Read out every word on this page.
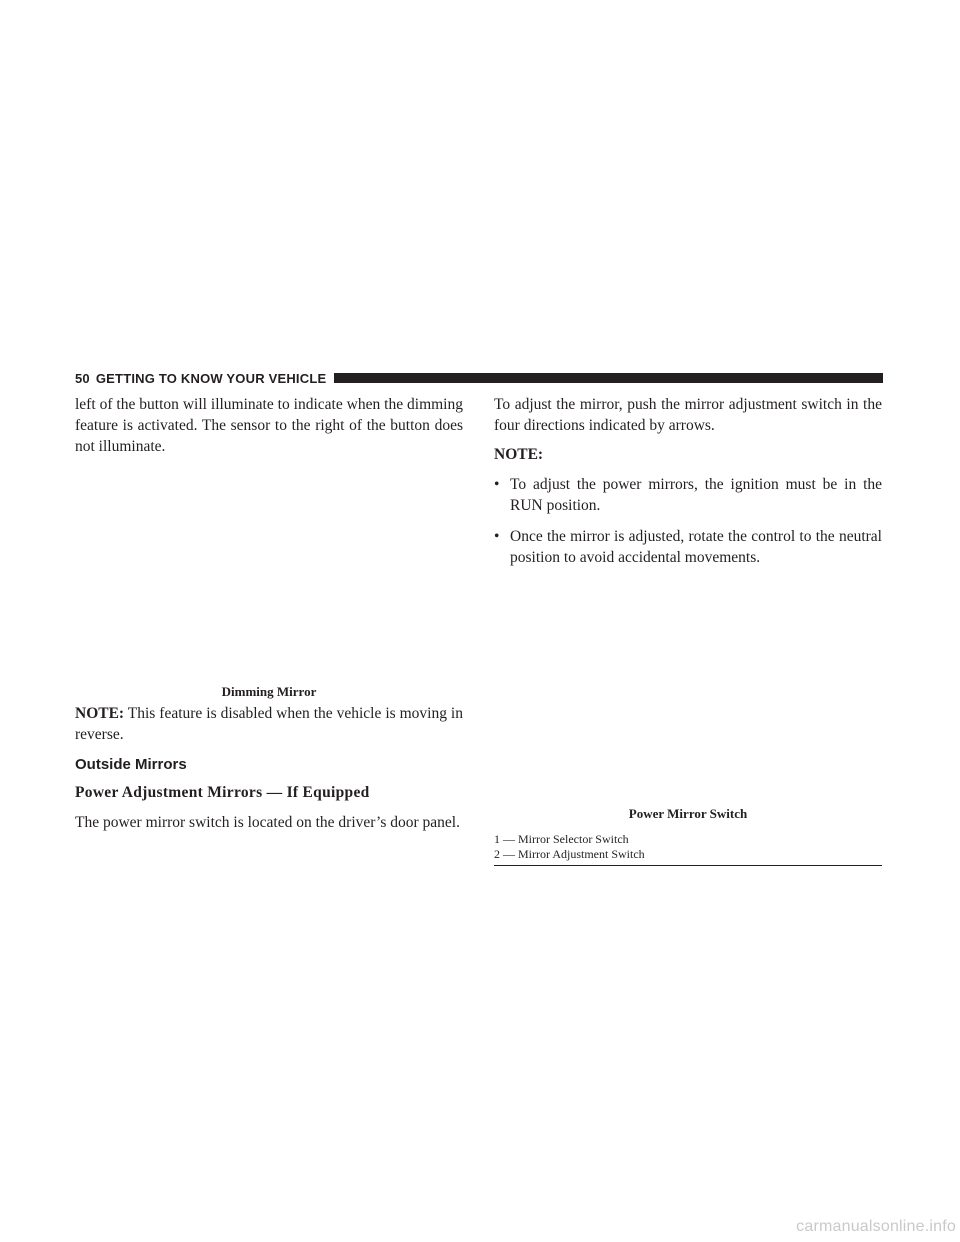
50 GETTING TO KNOW YOUR VEHICLE

left of the button will illuminate to indicate when the dimming feature is activated. The sensor to the right of the button does not illuminate.

Dimming Mirror

NOTE: This feature is disabled when the vehicle is moving in reverse.

Outside Mirrors
Power Adjustment Mirrors — If Equipped

The power mirror switch is located on the driver’s door panel.

To adjust the mirror, push the mirror adjustment switch in the four directions indicated by arrows.

NOTE:
• To adjust the power mirrors, the ignition must be in the RUN position.
• Once the mirror is adjusted, rotate the control to the neutral position to avoid accidental movements.
Power Mirror Switch
1 — Mirror Selector Switch
2 — Mirror Adjustment Switch
carmanualsonline.info
